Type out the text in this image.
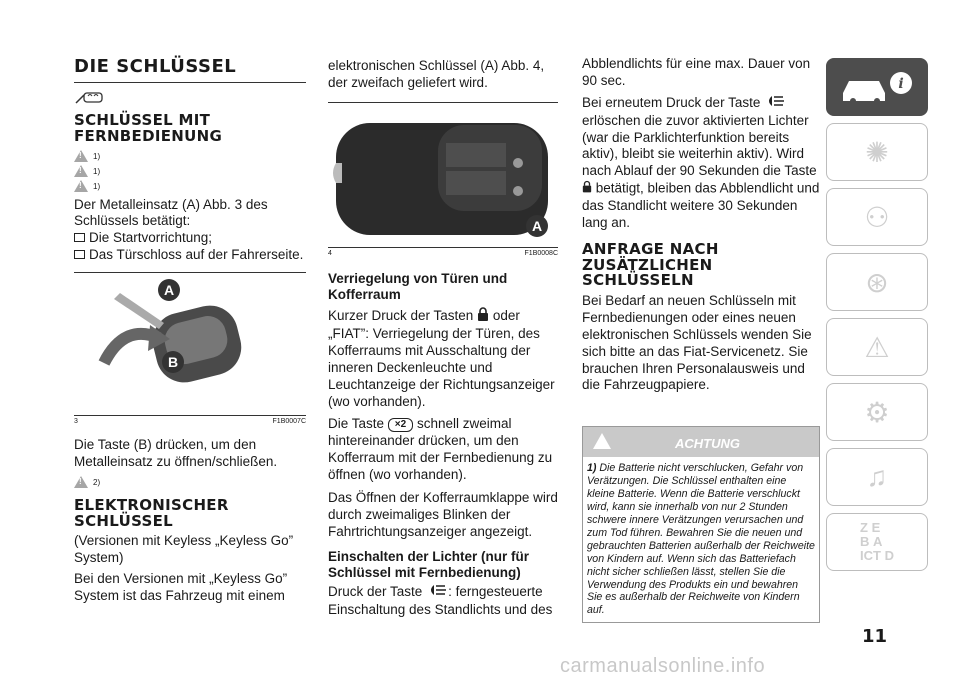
DIE SCHLÜSSEL
SCHLÜSSEL MIT FERNBEDIENUNG
!
1)
!
1)
!
1)

Der Metalleinsatz (A) Abb. 3 des Schlüssels betätigt:

Die Startvorrichtung;
Das Türschloss auf der Fahrerseite.
A
B
3	F1B0007C

Die Taste (B) drücken, um den Metalleinsatz zu öffnen/schließen.

!
2)
ELEKTRONISCHER SCHLÜSSEL

(Versionen mit Keyless „Keyless Go” System)

Bei den Versionen mit „Keyless Go” System ist das Fahrzeug mit einem

elektronischen Schlüssel (A) Abb. 4, der zweifach geliefert wird.

A
4	F1B0008C
Verriegelung von Türen und Kofferraum

Kurzer Druck der Tasten oder „FIAT”: Verriegelung der Türen, des Kofferraums mit Ausschaltung der inneren Deckenleuchte und Leuchtanzeige der Richtungsanzeiger (wo vorhanden).

Die Taste ×2 schnell zweimal hintereinander drücken, um den Kofferraum mit der Fernbedienung zu öffnen (wo vorhanden).

Das Öffnen der Kofferraumklappe wird durch zweimaliges Blinken der Fahrtrichtungsanzeiger angezeigt.

Einschalten der Lichter (nur für Schlüssel mit Fernbedienung)

Druck der Taste : ferngesteuerte Einschaltung des Standlichts und des

Abblendlichts für eine max. Dauer von 90 sec.

Bei erneutem Druck der Taste  erlöschen die zuvor aktivierten Lichter (war die Parklichterfunktion bereits aktiv), bleibt sie weiterhin aktiv). Wird nach Ablauf der 90 Sekunden die Taste  betätigt, bleiben das Abblendlicht und das Standlicht weitere 30 Sekunden lang an.

ANFRAGE NACH ZUSÄTZLICHEN SCHLÜSSELN

Bei Bedarf an neuen Schlüsseln mit Fernbedienungen oder eines neuen elektronischen Schlüssels wenden Sie sich bitte an das Fiat-Servicenetz. Sie brauchen Ihren Personalausweis und die Fahrzeugpapiere.

ACHTUNG
1) Die Batterie nicht verschlucken, Gefahr von Verätzungen. Die Schlüssel enthalten eine kleine Batterie. Wenn die Batterie verschluckt wird, kann sie innerhalb von nur 2 Stunden schwere innere Verätzungen verursachen und zum Tod führen. Bewahren Sie die neuen und gebrauchten Batterien außerhalb der Reichweite von Kindern auf. Wenn sich das Batteriefach nicht sicher schließen lässt, stellen Sie die Verwendung des Produkts ein und bewahren Sie es außerhalb der Reichweite von Kindern auf.
i
✺
⚇
⊛
⚠
⚙
♫
Z E
B A
ICT D
11
carmanualsonline.info
